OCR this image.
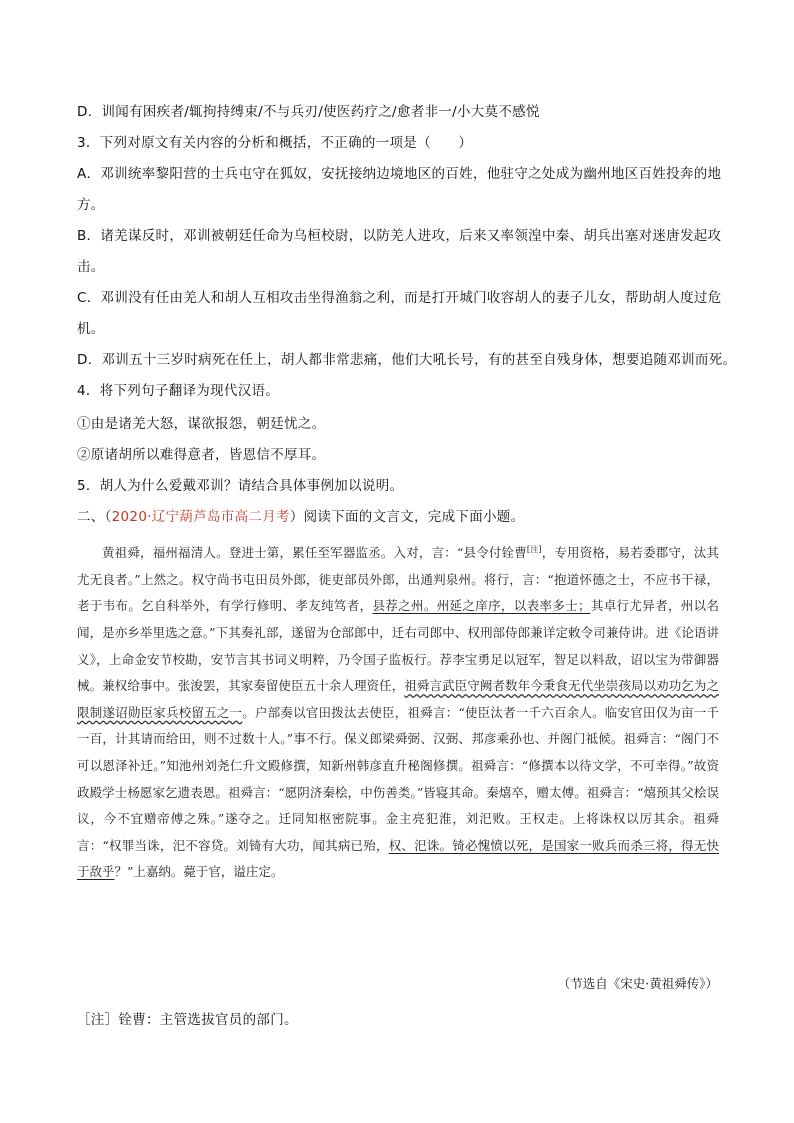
D．训闻有困疾者/辄拘持缚束/不与兵刃/使医药疗之/愈者非一/小大莫不感悦
3．下列对原文有关内容的分析和概括，不正确的一项是（　　）
A．邓训统率黎阳营的士兵屯守在狐奴，安抚接纳边境地区的百姓，他驻守之处成为幽州地区百姓投奔的地
方。
B．诸羌谋反时，邓训被朝廷任命为乌桓校尉，以防羌人进攻，后来又率领湟中秦、胡兵出塞对迷唐发起攻
击。
C．邓训没有任由羌人和胡人互相攻击坐得渔翁之利，而是打开城门收容胡人的妻子儿女，帮助胡人度过危
机。
D．邓训五十三岁时病死在任上，胡人都非常悲痛，他们大吼长号，有的甚至自残身体，想要追随邓训而死。
4．将下列句子翻译为现代汉语。
①由是诸羌大怒，谋欲报怨，朝廷忧之。
②原诸胡所以难得意者，皆恩信不厚耳。
5．胡人为什么爱戴邓训？请结合具体事例加以说明。
二、（2020·辽宁葫芦岛市高二月考）阅读下面的文言文，完成下面小题。

黄祖舜，福州福清人。登进士第，累任至军器监丞。入对，言：“县令付铨曹[注]，专用资格，易若委郡守，汰其尤无良者。”上然之。权守尚书屯田员外郎，徙吏部员外郎，出通判泉州。将行，言：“抱道怀德之士，不应书干禄，老于韦布。乞自科举外，有学行修明、孝友纯笃者，县荐之州。州延之庠序，以表率多士；其卓行尤异者，州以名闻，是亦乡举里选之意。”下其奏礼部，遂留为仓部郎中，迁右司郎中、权刑部侍郎兼详定敕令司兼侍讲。进《论语讲义》，上命金安节校勘，安节言其书词义明粹，乃令国子监板行。荐李宝勇足以冠军，智足以料敌，诏以宝为带御器械。兼权给事中。张浚罢，其家奏留使臣五十余人理资任，祖舜言武臣守阙者数年今秉食无代坐崇孩局以劝功乞为之限制遂诏勋臣家兵校留五之一。户部奏以官田拨汰去使臣，祖舜言：“使臣汰者一千六百余人。临安官田仅为亩一千一百，计其请而给田，则不过数十人。”事不行。保义郎梁舜弼、汉弼、邦彦乘孙也、并阁门祗候。祖舜言：“阁门不可以恩泽补迁。”知池州刘尧仁升文殿修撰，知新州韩彦直升秘阁修撰。祖舜言：“修撰本以待文学，不可幸得。”故资政殿学士杨愿家乞遗表恩。祖舜言：“愿阴济秦桧，中伤善类。”皆寝其命。秦熺卒，赠太傅。祖舜言：“熺预其父桧误议，今不宜赠帝傅之殊。”遂夺之。迁同知枢密院事。金主亮犯淮，刘汜败。王权走。上将诛权以厉其余。祖舜言：“权罪当诛，汜不容贷。刘锜有大功，闻其病已殆，权、汜诛。锜必愧愤以死，是国家一败兵而杀三将，得无快于敌乎？”上嘉纳。薨于官，谥庄定。

（节选自《宋史·黄祖舜传》）
［注］铨曹：主管选拔官员的部门。
